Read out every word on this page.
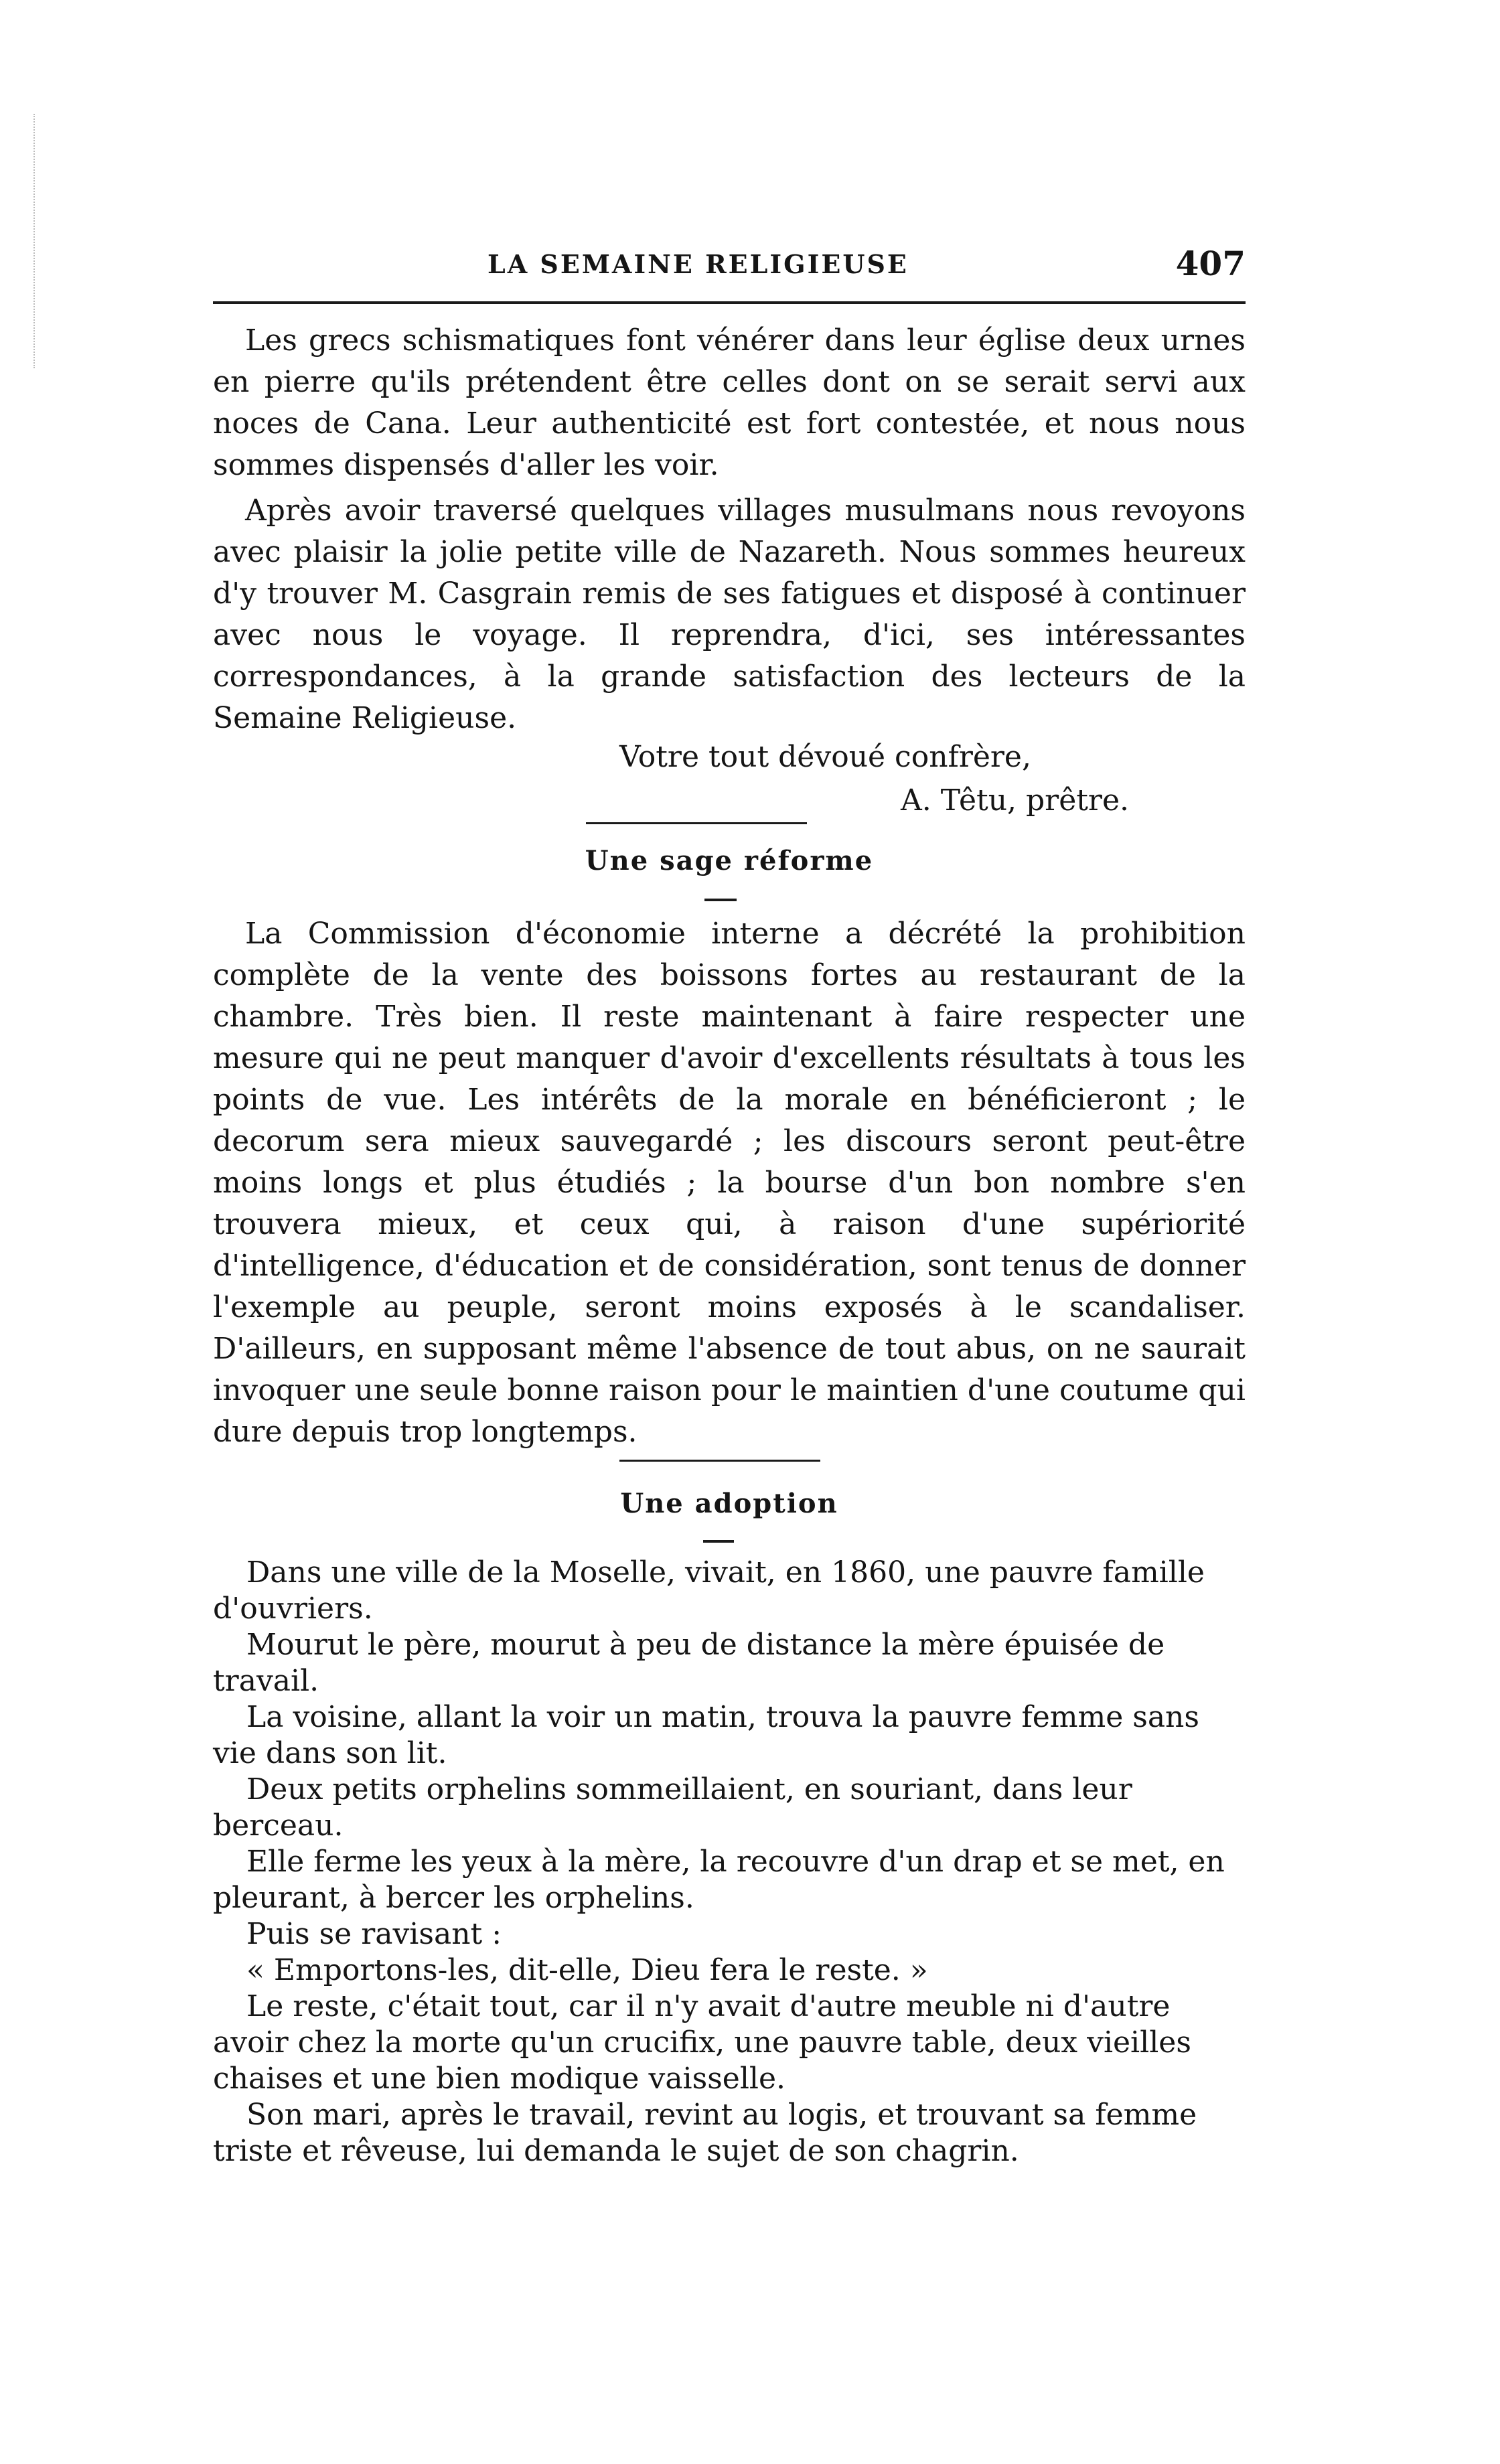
LA SEMAINE RELIGIEUSE	407

Les grecs schismatiques font vénérer dans leur église deux urnes en pierre qu'ils prétendent être celles dont on se serait servi aux noces de Cana. Leur authenticité est fort contestée, et nous nous sommes dispensés d'aller les voir.

Après avoir traversé quelques villages musulmans nous revoyons avec plaisir la jolie petite ville de Nazareth. Nous sommes heureux d'y trouver M. Casgrain remis de ses fatigues et disposé à continuer avec nous le voyage. Il reprendra, d'ici, ses intéressantes correspondances, à la grande satisfaction des lecteurs de la Semaine Religieuse.

Votre tout dévoué confrère,
A. Têtu, prêtre.
Une sage réforme

La Commission d'économie interne a décrété la prohibition complète de la vente des boissons fortes au restaurant de la chambre. Très bien. Il reste maintenant à faire respecter une mesure qui ne peut manquer d'avoir d'excellents résultats à tous les points de vue. Les intérêts de la morale en bénéficieront ; le decorum sera mieux sauvegardé ; les discours seront peut-être moins longs et plus étudiés ; la bourse d'un bon nombre s'en trouvera mieux, et ceux qui, à raison d'une supériorité d'intelligence, d'éducation et de considération, sont tenus de donner l'exemple au peuple, seront moins exposés à le scandaliser. D'ailleurs, en supposant même l'absence de tout abus, on ne saurait invoquer une seule bonne raison pour le maintien d'une coutume qui dure depuis trop longtemps.

Une adoption

Dans une ville de la Moselle, vivait, en 1860, une pauvre famille d'ouvriers.

Mourut le père, mourut à peu de distance la mère épuisée de travail.

La voisine, allant la voir un matin, trouva la pauvre femme sans vie dans son lit.

Deux petits orphelins sommeillaient, en souriant, dans leur berceau.

Elle ferme les yeux à la mère, la recouvre d'un drap et se met, en pleurant, à bercer les orphelins.

Puis se ravisant :

« Emportons-les, dit-elle, Dieu fera le reste. »

Le reste, c'était tout, car il n'y avait d'autre meuble ni d'autre avoir chez la morte qu'un crucifix, une pauvre table, deux vieilles chaises et une bien modique vaisselle.

Son mari, après le travail, revint au logis, et trouvant sa femme triste et rêveuse, lui demanda le sujet de son chagrin.
